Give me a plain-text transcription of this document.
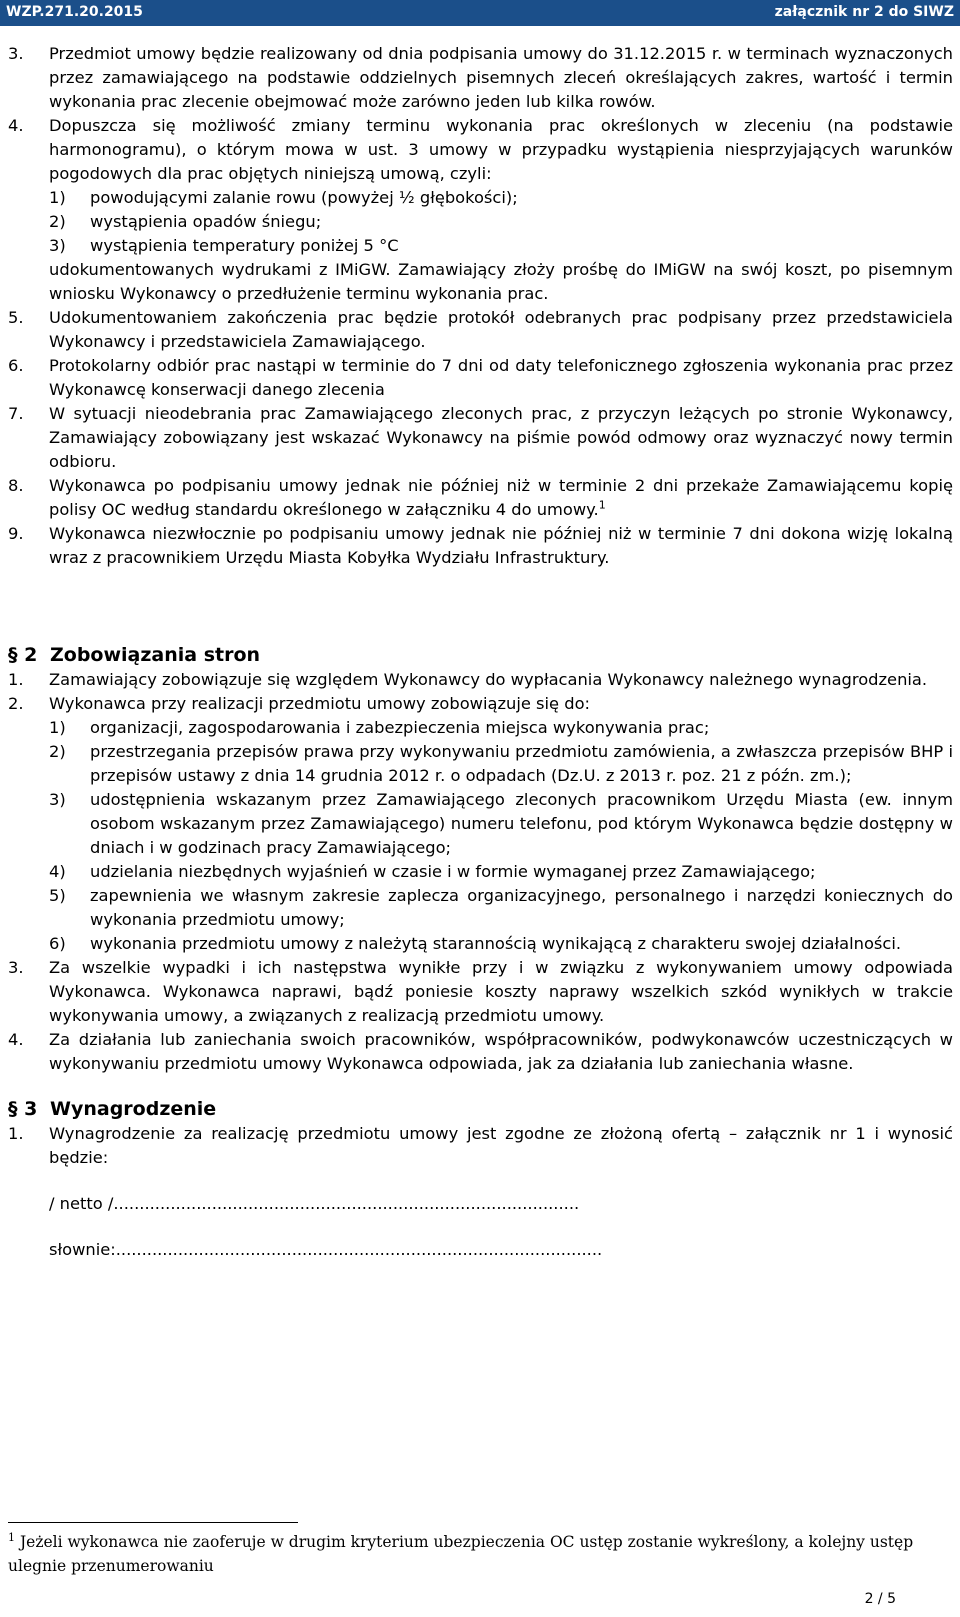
WZP.271.20.2015	załącznik nr 2 do SIWZ
3. Przedmiot umowy będzie realizowany od dnia podpisania umowy do 31.12.2015 r. w terminach wyznaczonych przez zamawiającego na podstawie oddzielnych pisemnych zleceń określających zakres, wartość i termin wykonania prac zlecenie obejmować może zarówno jeden lub kilka rowów.
4. Dopuszcza się możliwość zmiany terminu wykonania prac określonych w zleceniu (na podstawie harmonogramu), o którym mowa w ust. 3 umowy w przypadku wystąpienia niesprzyjających warunków pogodowych dla prac objętych niniejszą umową, czyli:
1) powodującymi zalanie rowu (powyżej ½ głębokości);
2) wystąpienia opadów śniegu;
3) wystąpienia temperatury poniżej 5 °C
udokumentowanych wydrukami z IMiGW. Zamawiający złoży prośbę do IMiGW na swój koszt, po pisemnym wniosku Wykonawcy o przedłużenie terminu wykonania prac.
5. Udokumentowaniem zakończenia prac będzie protokół odebranych prac podpisany przez przedstawiciela Wykonawcy i przedstawiciela Zamawiającego.
6. Protokolarny odbiór prac nastąpi w terminie do 7 dni od daty telefonicznego zgłoszenia wykonania prac przez Wykonawcę konserwacji danego zlecenia
7. W sytuacji nieodebrania prac Zamawiającego zleconych prac, z przyczyn leżących po stronie Wykonawcy, Zamawiający zobowiązany jest wskazać Wykonawcy na piśmie powód odmowy oraz wyznaczyć nowy termin odbioru.
8. Wykonawca po podpisaniu umowy jednak nie później niż w terminie 2 dni przekaże Zamawiającemu kopię polisy OC według standardu określonego w załączniku 4 do umowy.$^1$
9. Wykonawca niezwłocznie po podpisaniu umowy jednak nie później niż w terminie 7 dni dokona wizję lokalną wraz z pracownikiem Urzędu Miasta Kobyłka Wydziału Infrastruktury.
§ 2 Zobowiązania stron
1. Zamawiający zobowiązuje się względem Wykonawcy do wypłacania Wykonawcy należnego wynagrodzenia.
2. Wykonawca przy realizacji przedmiotu umowy zobowiązuje się do:
1) organizacji, zagospodarowania i zabezpieczenia miejsca wykonywania prac;
2) przestrzegania przepisów prawa przy wykonywaniu przedmiotu zamówienia, a zwłaszcza przepisów BHP i przepisów ustawy z dnia 14 grudnia 2012 r. o odpadach (Dz.U. z 2013 r. poz. 21 z późn. zm.);
3) udostępnienia wskazanym przez Zamawiającego zleconych pracownikom Urzędu Miasta (ew. innym osobom wskazanym przez Zamawiającego) numeru telefonu, pod którym Wykonawca będzie dostępny w dniach i w godzinach pracy Zamawiającego;
4) udzielania niezbędnych wyjaśnień w czasie i w formie wymaganej przez Zamawiającego;
5) zapewnienia we własnym zakresie zaplecza organizacyjnego, personalnego i narzędzi koniecznych do wykonania przedmiotu umowy;
6) wykonania przedmiotu umowy z należytą starannością wynikającą z charakteru swojej działalności.
3. Za wszelkie wypadki i ich następstwa wynikłe przy i w związku z wykonywaniem umowy odpowiada Wykonawca. Wykonawca naprawi, bądź poniesie koszty naprawy wszelkich szkód wynikłych w trakcie wykonywania umowy, a związanych z realizacją przedmiotu umowy.
4. Za działania lub zaniechania swoich pracowników, współpracowników, podwykonawców uczestniczących w wykonywaniu przedmiotu umowy Wykonawca odpowiada, jak za działania lub zaniechania własne.
§ 3 Wynagrodzenie
1. Wynagrodzenie za realizację przedmiotu umowy jest zgodne ze złożoną ofertą – załącznik nr 1 i wynosić będzie:
/ netto /..........................................................................................
słownie:..............................................................................................
$^1$ Jeżeli wykonawca nie zaoferuje w drugim kryterium ubezpieczenia OC ustęp zostanie wykreślony, a kolejny ustęp ulegnie przenumerowaniu
2 / 5
